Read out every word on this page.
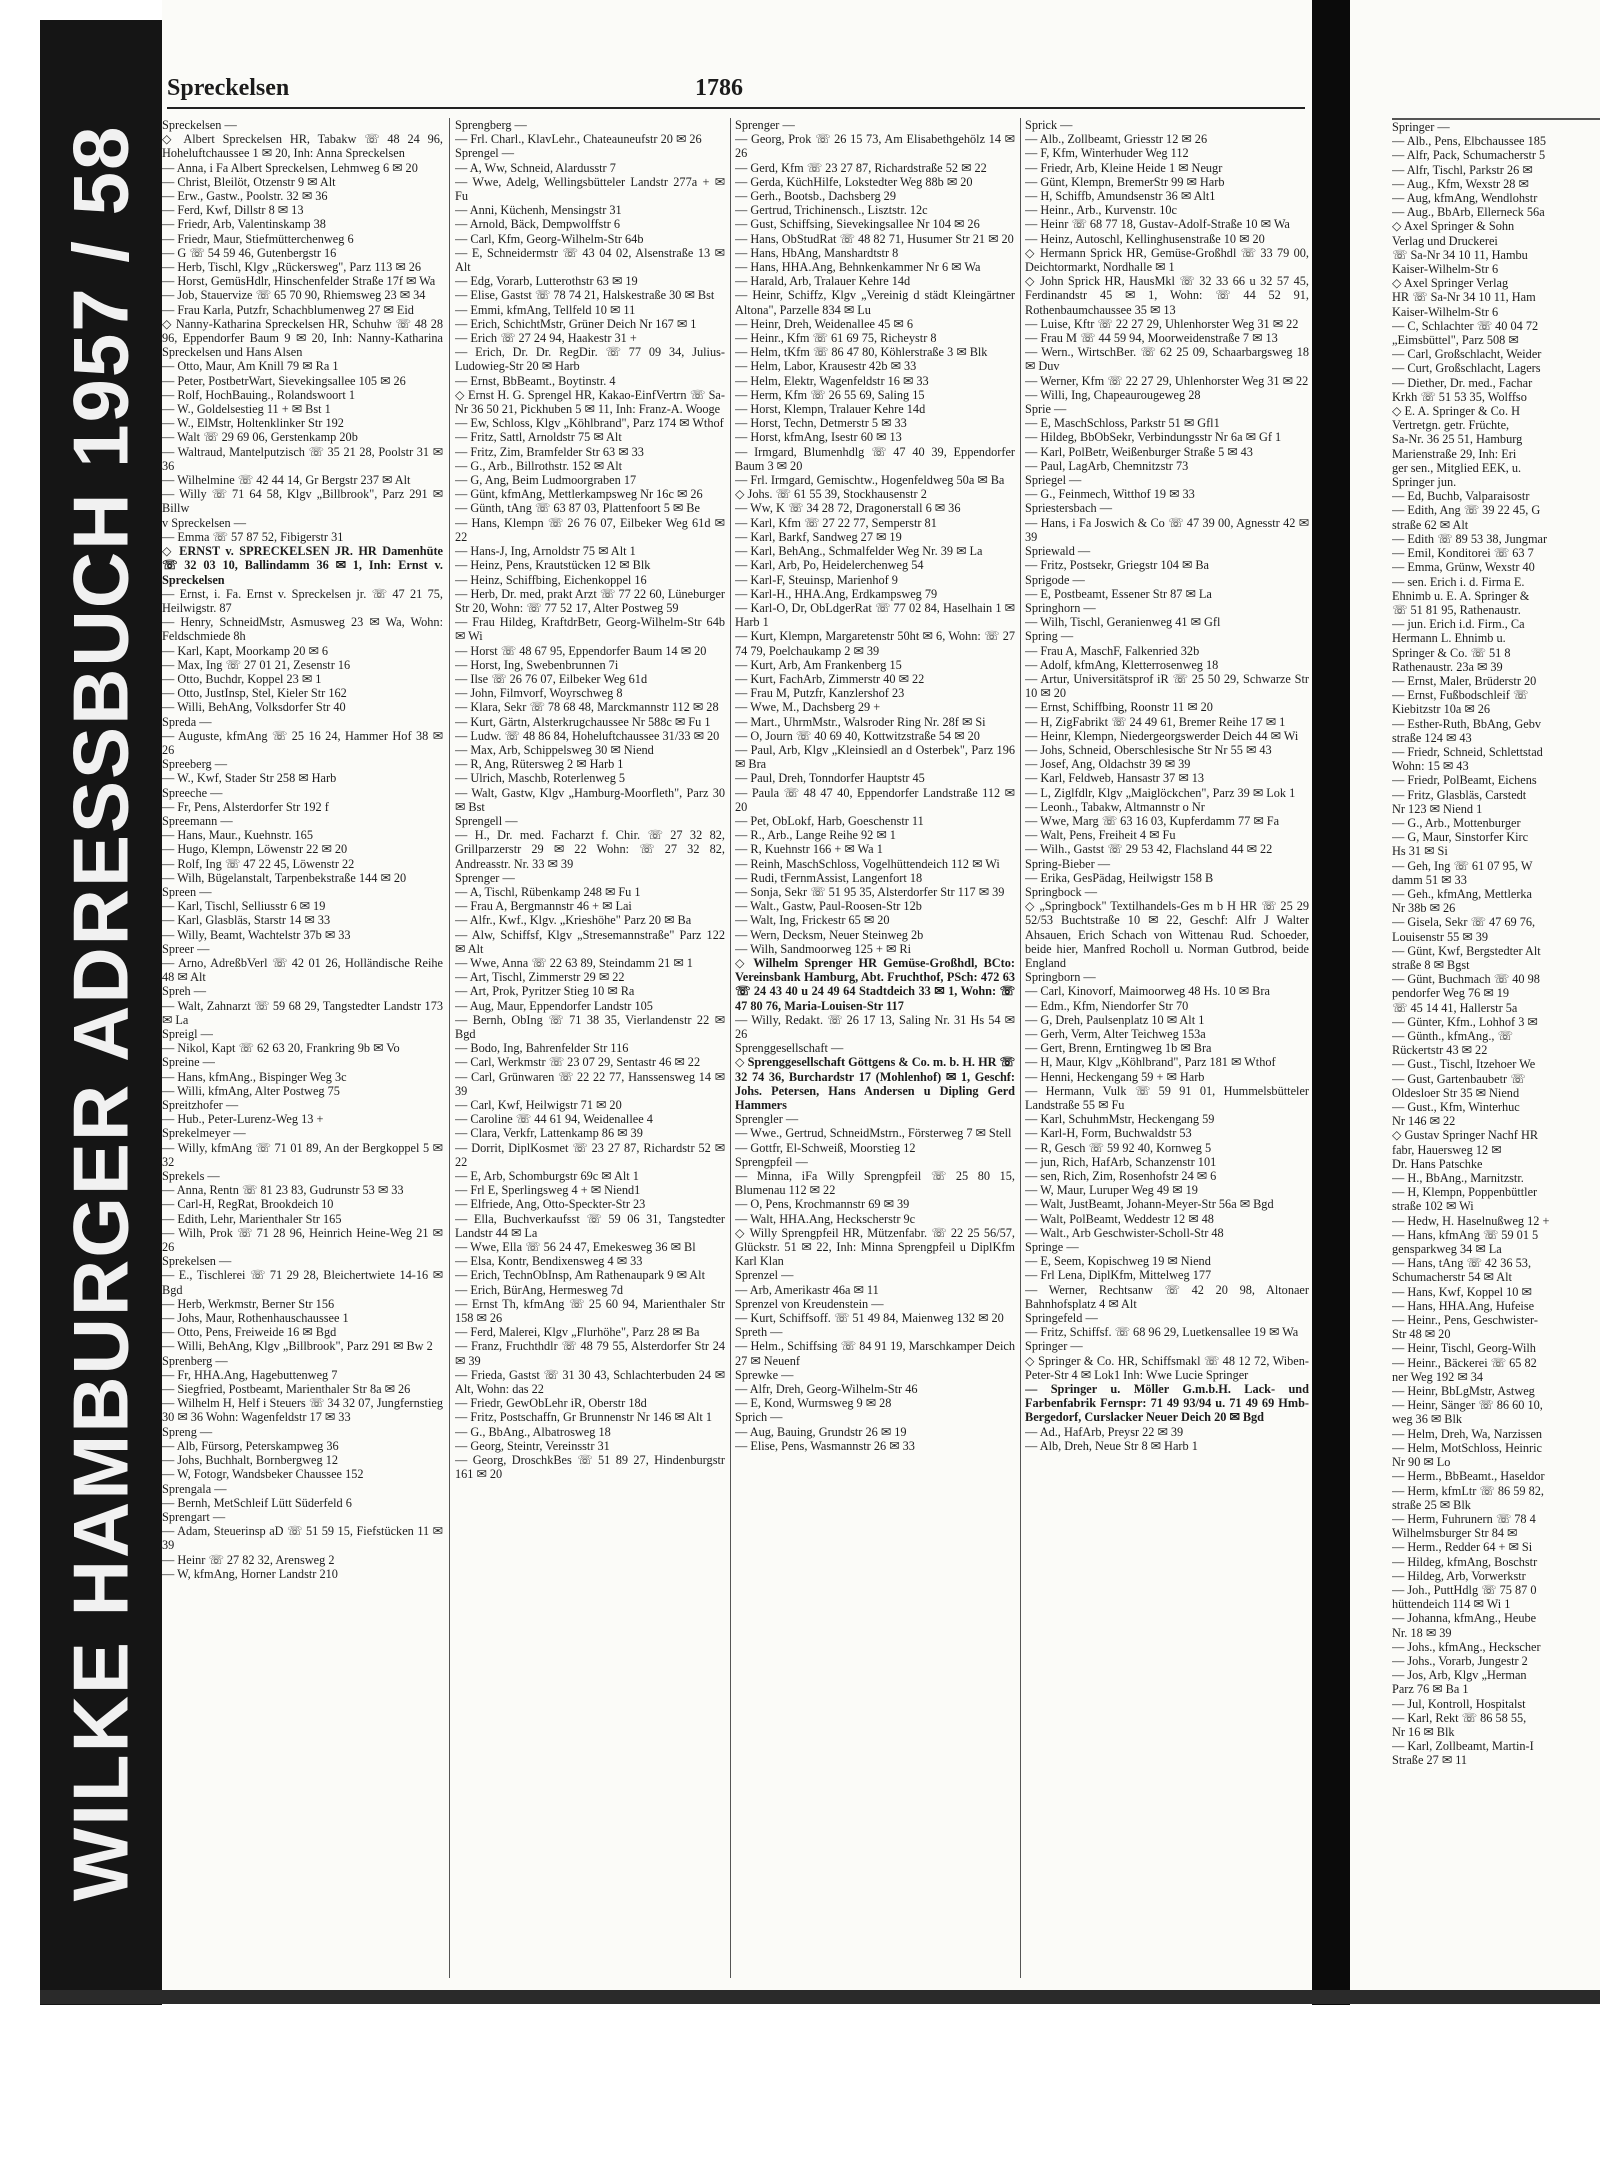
WILKE HAMBURGER ADRESSBUCH 1957 / 58
Spreckelsen	1786

Spreckelsen —

◇ Albert Spreckelsen HR, Tabakw ☏ 48 24 96, Hoheluftchaussee 1 ✉ 20, Inh: Anna Spreckelsen

— Anna, i Fa Albert Spreckelsen, Lehmweg 6 ✉ 20

— Christ, Bleilöt, Otzenstr 9 ✉ Alt

— Erw., Gastw., Poolstr. 32 ✉ 36

— Ferd, Kwf, Dillstr 8 ✉ 13

— Friedr, Arb, Valentinskamp 38

— Friedr, Maur, Stiefmütterchenweg 6

— G ☏ 54 59 46, Gutenbergstr 16

— Herb, Tischl, Klgv „Rückersweg", Parz 113 ✉ 26

— Horst, GemüsHdlr, Hinschenfelder Straße 17f ✉ Wa

— Job, Stauervize ☏ 65 70 90, Rhiemsweg 23 ✉ 34

— Frau Karla, Putzfr, Schachblumenweg 27 ✉ Eid

◇ Nanny-Katharina Spreckelsen HR, Schuhw ☏ 48 28 96, Eppendorfer Baum 9 ✉ 20, Inh: Nanny-Katharina Spreckelsen und Hans Alsen

— Otto, Maur, Am Knill 79 ✉ Ra 1

— Peter, PostbetrWart, Sievekingsallee 105 ✉ 26

— Rolf, HochBauing., Rolandswoort 1

— W., Goldelsestieg 11 + ✉ Bst 1

— W., ElMstr, Holtenklinker Str 192

— Walt ☏ 29 69 06, Gerstenkamp 20b

— Waltraud, Mantelputzisch ☏ 35 21 28, Poolstr 31 ✉ 36

— Wilhelmine ☏ 42 44 14, Gr Bergstr 237 ✉ Alt

— Willy ☏ 71 64 58, Klgv „Billbrook", Parz 291 ✉ Billw

v Spreckelsen —

— Emma ☏ 57 87 52, Fibigerstr 31

◇ ERNST v. SPRECKELSEN JR. HR Damenhüte ☏ 32 03 10, Ballindamm 36 ✉ 1, Inh: Ernst v. Spreckelsen

— Ernst, i. Fa. Ernst v. Spreckelsen jr. ☏ 47 21 75, Heilwigstr. 87

— Henry, SchneidMstr, Asmusweg 23 ✉ Wa, Wohn: Feldschmiede 8h

— Karl, Kapt, Moorkamp 20 ✉ 6

— Max, Ing ☏ 27 01 21, Zesenstr 16

— Otto, Buchdr, Koppel 23 ✉ 1

— Otto, JustInsp, Stel, Kieler Str 162

— Willi, BehAng, Volksdorfer Str 40

Spreda —

— Auguste, kfmAng ☏ 25 16 24, Hammer Hof 38 ✉ 26

Spreeberg —

— W., Kwf, Stader Str 258 ✉ Harb

Spreeche —

— Fr, Pens, Alsterdorfer Str 192 f

Spreemann —

— Hans, Maur., Kuehnstr. 165

— Hugo, Klempn, Löwenstr 22 ✉ 20

— Rolf, Ing ☏ 47 22 45, Löwenstr 22

— Wilh, Bügelanstalt, Tarpenbekstraße 144 ✉ 20

Spreen —

— Karl, Tischl, Selliusstr 6 ✉ 19

— Karl, Glasbläs, Starstr 14 ✉ 33

— Willy, Beamt, Wachtelstr 37b ✉ 33

Spreer —

— Arno, AdreßbVerl ☏ 42 01 26, Holländische Reihe 48 ✉ Alt

Spreh —

— Walt, Zahnarzt ☏ 59 68 29, Tangstedter Landstr 173 ✉ La

Spreigl —

— Nikol, Kapt ☏ 62 63 20, Frankring 9b ✉ Vo

Spreine —

— Hans, kfmAng., Bispinger Weg 3c

— Willi, kfmAng, Alter Postweg 75

Spreitzhofer —

— Hub., Peter-Lurenz-Weg 13 +

Sprekelmeyer —

— Willy, kfmAng ☏ 71 01 89, An der Bergkoppel 5 ✉ 32

Sprekels —

— Anna, Rentn ☏ 81 23 83, Gudrunstr 53 ✉ 33

— Carl-H, RegRat, Brookdeich 10

— Edith, Lehr, Marienthaler Str 165

— Wilh, Prok ☏ 71 28 96, Heinrich Heine-Weg 21 ✉ 26

Sprekelsen —

— E., Tischlerei ☏ 71 29 28, Bleichertwiete 14-16 ✉ Bgd

— Herb, Werkmstr, Berner Str 156

— Johs, Maur, Rothenhauschaussee 1

— Otto, Pens, Freiweide 16 ✉ Bgd

— Willi, BehAng, Klgv „Billbrook", Parz 291 ✉ Bw 2

Sprenberg —

— Fr, HHA.Ang, Hagebuttenweg 7

— Siegfried, Postbeamt, Marienthaler Str 8a ✉ 26

— Wilhelm H, Helf i Steuers ☏ 34 32 07, Jungfernstieg 30 ✉ 36 Wohn: Wagenfeldstr 17 ✉ 33

Spreng —

— Alb, Fürsorg, Peterskampweg 36

— Johs, Buchhalt, Bornbergweg 12

— W, Fotogr, Wandsbeker Chaussee 152

Sprengala —

— Bernh, MetSchleif Lütt Süderfeld 6

Sprengart —

— Adam, Steuerinsp aD ☏ 51 59 15, Fiefstücken 11 ✉ 39

— Heinr ☏ 27 82 32, Arensweg 2

— W, kfmAng, Horner Landstr 210

Sprengberg —

— Frl. Charl., KlavLehr., Chateauneufstr 20 ✉ 26

Sprengel —

— A, Ww, Schneid, Alardusstr 7

— Wwe, Adelg, Wellingsbütteler Landstr 277a + ✉ Fu

— Anni, Küchenh, Mensingstr 31

— Arnold, Bäck, Dempwolffstr 6

— Carl, Kfm, Georg-Wilhelm-Str 64b

— E, Schneidermstr ☏ 43 04 02, Alsenstraße 13 ✉ Alt

— Edg, Vorarb, Lutterothstr 63 ✉ 19

— Elise, Gastst ☏ 78 74 21, Halskestraße 30 ✉ Bst

— Emmi, kfmAng, Tellfeld 10 ✉ 11

— Erich, SchichtMstr, Grüner Deich Nr 167 ✉ 1

— Erich ☏ 27 24 94, Haakestr 31 +

— Erich, Dr. Dr. RegDir. ☏ 77 09 34, Julius-Ludowieg-Str 20 ✉ Harb

— Ernst, BbBeamt., Boytinstr. 4

◇ Ernst H. G. Sprengel HR, Kakao-EinfVertrn ☏ Sa-Nr 36 50 21, Pickhuben 5 ✉ 11, Inh: Franz-A. Wooge

— Ew, Schloss, Klgv „Köhlbrand", Parz 174 ✉ Wthof

— Fritz, Sattl, Arnoldstr 75 ✉ Alt

— Fritz, Zim, Bramfelder Str 63 ✉ 33

— G., Arb., Billrothstr. 152 ✉ Alt

— G, Ang, Beim Ludmoorgraben 17

— Günt, kfmAng, Mettlerkampsweg Nr 16c ✉ 26

— Günth, tAng ☏ 63 87 03, Plattenfoort 5 ✉ Be

— Hans, Klempn ☏ 26 76 07, Eilbeker Weg 61d ✉ 22

— Hans-J, Ing, Arnoldstr 75 ✉ Alt 1

— Heinz, Pens, Krautstücken 12 ✉ Blk

— Heinz, Schiffbing, Eichenkoppel 16

— Herb, Dr. med, prakt Arzt ☏ 77 22 60, Lüneburger Str 20, Wohn: ☏ 77 52 17, Alter Postweg 59

— Frau Hildeg, KraftdrBetr, Georg-Wilhelm-Str 64b ✉ Wi

— Horst ☏ 48 67 95, Eppendorfer Baum 14 ✉ 20

— Horst, Ing, Swebenbrunnen 7i

— Ilse ☏ 26 76 07, Eilbeker Weg 61d

— John, Filmvorf, Woyrschweg 8

— Klara, Sekr ☏ 78 68 48, Marckmannstr 112 ✉ 28

— Kurt, Gärtn, Alsterkrugchaussee Nr 588c ✉ Fu 1

— Ludw. ☏ 48 86 84, Hoheluftchaussee 31/33 ✉ 20

— Max, Arb, Schippelsweg 30 ✉ Niend

— R, Ang, Rütersweg 2 ✉ Harb 1

— Ulrich, Maschb, Roterlenweg 5

— Walt, Gastw, Klgv „Hamburg-Moorfleth", Parz 30 ✉ Bst

Sprengell —

— H., Dr. med. Facharzt f. Chir. ☏ 27 32 82, Grillparzerstr 29 ✉ 22 Wohn: ☏ 27 32 82, Andreasstr. Nr. 33 ✉ 39

Sprenger —

— A, Tischl, Rübenkamp 248 ✉ Fu 1

— Frau A, Bergmannstr 46 + ✉ Lai

— Alfr., Kwf., Klgv. „Krieshöhe" Parz 20 ✉ Ba

— Alw, Schiffsf, Klgv „Stresemannstraße" Parz 122 ✉ Alt

— Wwe, Anna ☏ 22 63 89, Steindamm 21 ✉ 1

— Art, Tischl, Zimmerstr 29 ✉ 22

— Art, Prok, Pyritzer Stieg 10 ✉ Ra

— Aug, Maur, Eppendorfer Landstr 105

— Bernh, ObIng ☏ 71 38 35, Vierlandenstr 22 ✉ Bgd

— Bodo, Ing, Bahrenfelder Str 116

— Carl, Werkmstr ☏ 23 07 29, Sentastr 46 ✉ 22

— Carl, Grünwaren ☏ 22 22 77, Hanssensweg 14 ✉ 39

— Carl, Kwf, Heilwigstr 71 ✉ 20

— Caroline ☏ 44 61 94, Weidenallee 4

— Clara, Verkfr, Lattenkamp 86 ✉ 39

— Dorrit, DiplKosmet ☏ 23 27 87, Richardstr 52 ✉ 22

— E, Arb, Schomburgstr 69c ✉ Alt 1

— Frl E, Sperlingsweg 4 + ✉ Niend1

— Elfriede, Ang, Otto-Speckter-Str 23

— Ella, Buchverkaufsst ☏ 59 06 31, Tangstedter Landstr 44 ✉ La

— Wwe, Ella ☏ 56 24 47, Emekesweg 36 ✉ Bl

— Elsa, Kontr, Bendixensweg 4 ✉ 33

— Erich, TechnObInsp, Am Rathenaupark 9 ✉ Alt

— Erich, BürAng, Hermesweg 7d

— Ernst Th, kfmAng ☏ 25 60 94, Marienthaler Str 158 ✉ 26

— Ferd, Malerei, Klgv „Flurhöhe", Parz 28 ✉ Ba

— Franz, Fruchthdlr ☏ 48 79 55, Alsterdorfer Str 24 ✉ 39

— Frieda, Gastst ☏ 31 30 43, Schlachterbuden 24 ✉ Alt, Wohn: das 22

— Friedr, GewObLehr iR, Oberstr 18d

— Fritz, Postschaffn, Gr Brunnenstr Nr 146 ✉ Alt 1

— G., BbAng., Albatrosweg 18

— Georg, Steintr, Vereinsstr 31

— Georg, DroschkBes ☏ 51 89 27, Hindenburgstr 161 ✉ 20

Sprenger —

— Georg, Prok ☏ 26 15 73, Am Elisabethgehölz 14 ✉ 26

— Gerd, Kfm ☏ 23 27 87, Richardstraße 52 ✉ 22

— Gerda, KüchHilfe, Lokstedter Weg 88b ✉ 20

— Gerh., Bootsb., Dachsberg 29

— Gertrud, Trichinensch., Lisztstr. 12c

— Gust, Schiffsing, Sievekingsallee Nr 104 ✉ 26

— Hans, ObStudRat ☏ 48 82 71, Husumer Str 21 ✉ 20

— Hans, HbAng, Manshardtstr 8

— Hans, HHA.Ang, Behnkenkammer Nr 6 ✉ Wa

— Harald, Arb, Tralauer Kehre 14d

— Heinr, Schiffz, Klgv „Vereinig d städt Kleingärtner Altona", Parzelle 834 ✉ Lu

— Heinr, Dreh, Weidenallee 45 ✉ 6

— Heinr., Kfm ☏ 61 69 75, Richeystr 8

— Helm, tKfm ☏ 86 47 80, Köhlerstraße 3 ✉ Blk

— Helm, Labor, Krausestr 42b ✉ 33

— Helm, Elektr, Wagenfeldstr 16 ✉ 33

— Herm, Kfm ☏ 26 55 69, Saling 15

— Horst, Klempn, Tralauer Kehre 14d

— Horst, Techn, Detmerstr 5 ✉ 33

— Horst, kfmAng, Isestr 60 ✉ 13

— Irmgard, Blumenhdlg ☏ 47 40 39, Eppendorfer Baum 3 ✉ 20

— Frl. Irmgard, Gemischtw., Hogenfeldweg 50a ✉ Ba

◇ Johs. ☏ 61 55 39, Stockhausenstr 2

— Ww, K ☏ 34 28 72, Dragonerstall 6 ✉ 36

— Karl, Kfm ☏ 27 22 77, Semperstr 81

— Karl, Barkf, Sandweg 27 ✉ 19

— Karl, BehAng., Schmalfelder Weg Nr. 39 ✉ La

— Karl, Arb, Po, Heidelerchenweg 54

— Karl-F, Steuinsp, Marienhof 9

— Karl-H., HHA.Ang, Erdkampsweg 79

— Karl-O, Dr, ObLdgerRat ☏ 77 02 84, Haselhain 1 ✉ Harb 1

— Kurt, Klempn, Margaretenstr 50ht ✉ 6, Wohn: ☏ 27 74 79, Poelchaukamp 2 ✉ 39

— Kurt, Arb, Am Frankenberg 15

— Kurt, FachArb, Zimmerstr 40 ✉ 22

— Frau M, Putzfr, Kanzlershof 23

— Wwe, M., Dachsberg 29 +

— Mart., UhrmMstr., Walsroder Ring Nr. 28f ✉ Si

— O, Journ ☏ 40 69 40, Kottwitzstraße 54 ✉ 20

— Paul, Arb, Klgv „Kleinsiedl an d Osterbek", Parz 196 ✉ Bra

— Paul, Dreh, Tonndorfer Hauptstr 45

— Paula ☏ 48 47 40, Eppendorfer Landstraße 112 ✉ 20

— Pet, ObLokf, Harb, Goeschenstr 11

— R., Arb., Lange Reihe 92 ✉ 1

— R, Kuehnstr 166 + ✉ Wa 1

— Reinh, MaschSchloss, Vogelhüttendeich 112 ✉ Wi

— Rudi, tFernmAssist, Langenfort 18

— Sonja, Sekr ☏ 51 95 35, Alsterdorfer Str 117 ✉ 39

— Walt., Gastw, Paul-Roosen-Str 12b

— Walt, Ing, Frickestr 65 ✉ 20

— Wern, Decksm, Neuer Steinweg 2b

— Wilh, Sandmoorweg 125 + ✉ Ri

◇ Wilhelm Sprenger HR Gemüse-Großhdl, BCto: Vereinsbank Hamburg, Abt. Fruchthof, PSch: 472 63 ☏ 24 43 40 u 24 49 64 Stadtdeich 33 ✉ 1, Wohn: ☏ 47 80 76, Maria-Louisen-Str 117

— Willy, Redakt. ☏ 26 17 13, Saling Nr. 31 Hs 54 ✉ 26

Sprenggesellschaft —

◇ Sprenggesellschaft Göttgens & Co. m. b. H. HR ☏ 32 74 36, Burchardstr 17 (Mohlenhof) ✉ 1, Geschf: Johs. Petersen, Hans Andersen u Dipling Gerd Hammers

Sprengler —

— Wwe., Gertrud, SchneidMstrn., Försterweg 7 ✉ Stell

— Gottfr, El-Schweiß, Moorstieg 12

Sprengpfeil —

— Minna, iFa Willy Sprengpfeil ☏ 25 80 15, Blumenau 112 ✉ 22

— O, Pens, Krochmannstr 69 ✉ 39

— Walt, HHA.Ang, Heckscherstr 9c

◇ Willy Sprengpfeil HR, Mützenfabr. ☏ 22 25 56/57, Glückstr. 51 ✉ 22, Inh: Minna Sprengpfeil u DiplKfm Karl Klan

Sprenzel —

— Arb, Amerikastr 46a ✉ 11

Sprenzel von Kreudenstein —

— Kurt, Schiffsoff. ☏ 51 49 84, Maienweg 132 ✉ 20

Spreth —

— Helm., Schiffsing ☏ 84 91 19, Marschkamper Deich 27 ✉ Neuenf

Sprewke —

— Alfr, Dreh, Georg-Wilhelm-Str 46

— E, Kond, Wurmsweg 9 ✉ 28

Sprich —

— Aug, Bauing, Grundstr 26 ✉ 19

— Elise, Pens, Wasmannstr 26 ✉ 33

Sprick —

— Alb., Zollbeamt, Griesstr 12 ✉ 26

— F, Kfm, Winterhuder Weg 112

— Friedr, Arb, Kleine Heide 1 ✉ Neugr

— Günt, Klempn, BremerStr 99 ✉ Harb

— H, Schiffb, Amundsenstr 36 ✉ Alt1

— Heinr., Arb., Kurvenstr. 10c

— Heinr ☏ 68 77 18, Gustav-Adolf-Straße 10 ✉ Wa

— Heinz, Autoschl, Kellinghusenstraße 10 ✉ 20

◇ Hermann Sprick HR, Gemüse-Großhdl ☏ 33 79 00, Deichtormarkt, Nordhalle ✉ 1

◇ John Sprick HR, HausMkl ☏ 32 33 66 u 32 57 45, Ferdinandstr 45 ✉ 1, Wohn: ☏ 44 52 91, Rothenbaumchaussee 35 ✉ 13

— Luise, Kftr ☏ 22 27 29, Uhlenhorster Weg 31 ✉ 22

— Frau M ☏ 44 59 94, Moorweidenstraße 7 ✉ 13

— Wern., WirtschBer. ☏ 62 25 09, Schaarbargsweg 18 ✉ Duv

— Werner, Kfm ☏ 22 27 29, Uhlenhorster Weg 31 ✉ 22

— Willi, Ing, Chapeaurougeweg 28

Sprie —

— E, MaschSchloss, Parkstr 51 ✉ Gfl1

— Hildeg, BbObSekr, Verbindungsstr Nr 6a ✉ Gf 1

— Karl, PolBetr, Weißenburger Straße 5 ✉ 43

— Paul, LagArb, Chemnitzstr 73

Spriegel —

— G., Feinmech, Witthof 19 ✉ 33

Spriestersbach —

— Hans, i Fa Joswich & Co ☏ 47 39 00, Agnesstr 42 ✉ 39

Spriewald —

— Fritz, Postsekr, Griegstr 104 ✉ Ba

Sprigode —

— E, Postbeamt, Essener Str 87 ✉ La

Springhorn —

— Wilh, Tischl, Geranienweg 41 ✉ Gfl

Spring —

— Frau A, MaschF, Falkenried 32b

— Adolf, kfmAng, Kletterrosenweg 18

— Artur, Universitätsprof iR ☏ 25 50 29, Schwarze Str 10 ✉ 20

— Ernst, Schiffbing, Roonstr 11 ✉ 20

— H, ZigFabrikt ☏ 24 49 61, Bremer Reihe 17 ✉ 1

— Heinr, Klempn, Niedergeorgswerder Deich 44 ✉ Wi

— Johs, Schneid, Oberschlesische Str Nr 55 ✉ 43

— Josef, Ang, Oldachstr 39 ✉ 39

— Karl, Feldweb, Hansastr 37 ✉ 13

— L, Ziglfdlr, Klgv „Maiglöckchen", Parz 39 ✉ Lok 1

— Leonh., Tabakw, Altmannstr o Nr

— Wwe, Marg ☏ 63 16 03, Kupferdamm 77 ✉ Fa

— Walt, Pens, Freiheit 4 ✉ Fu

— Wilh., Gastst ☏ 29 53 42, Flachsland 44 ✉ 22

Spring-Bieber —

— Erika, GesPädag, Heilwigstr 158 B

Springbock —

◇ „Springbock" Textilhandels-Ges m b H HR ☏ 25 29 52/53 Buchtstraße 10 ✉ 22, Geschf: Alfr J Walter Ahsauen, Erich Schach von Wittenau Rud. Schoeder, beide hier, Manfred Rocholl u. Norman Gutbrod, beide England

Springborn —

— Carl, Kinovorf, Maimoorweg 48 Hs. 10 ✉ Bra

— Edm., Kfm, Niendorfer Str 70

— G, Dreh, Paulsenplatz 10 ✉ Alt 1

— Gerh, Verm, Alter Teichweg 153a

— Gert, Brenn, Erntingweg 1b ✉ Bra

— H, Maur, Klgv „Köhlbrand", Parz 181 ✉ Wthof

— Henni, Heckengang 59 + ✉ Harb

— Hermann, Vulk ☏ 59 91 01, Hummelsbütteler Landstraße 55 ✉ Fu

— Karl, SchuhmMstr, Heckengang 59

— Karl-H, Form, Buchwaldstr 53

— R, Gesch ☏ 59 92 40, Kornweg 5

— jun, Rich, HafArb, Schanzenstr 101

— sen, Rich, Zim, Rosenhofstr 24 ✉ 6

— W, Maur, Luruper Weg 49 ✉ 19

— Walt, JustBeamt, Johann-Meyer-Str 56a ✉ Bgd

— Walt, PolBeamt, Weddestr 12 ✉ 48

— Walt., Arb Geschwister-Scholl-Str 48

Springe —

— E, Seem, Kopischweg 19 ✉ Niend

— Frl Lena, DiplKfm, Mittelweg 177

— Werner, Rechtsanw ☏ 42 20 98, Altonaer Bahnhofsplatz 4 ✉ Alt

Springefeld —

— Fritz, Schiffsf. ☏ 68 96 29, Luetkensallee 19 ✉ Wa

Springer —

◇ Springer & Co. HR, Schiffsmakl ☏ 48 12 72, Wiben-Peter-Str 4 ✉ Lok1 Inh: Wwe Lucie Springer

— Springer u. Möller G.m.b.H. Lack- und Farbenfabrik Fernspr: 71 49 93/94 u. 71 49 69 Hmb-Bergedorf, Curslacker Neuer Deich 20 ✉ Bgd

— Ad., HafArb, Preysr 22 ✉ 39

— Alb, Dreh, Neue Str 8 ✉ Harb 1

Springer —
— Alb., Pens, Elbchaussee 185
— Alfr, Pack, Schumacherstr 5
— Alfr, Tischl, Parkstr 26 ✉
— Aug., Kfm, Wexstr 28 ✉
— Aug, kfmAng, Wendlohstr
— Aug., BbArb, Ellerneck 56a
◇ Axel Springer & Sohn
Verlag und Druckerei
☏ Sa-Nr 34 10 11, Hambu
Kaiser-Wilhelm-Str 6
◇ Axel Springer Verlag
HR ☏ Sa-Nr 34 10 11, Ham
Kaiser-Wilhelm-Str 6
— C, Schlachter ☏ 40 04 72
„Eimsbüttel", Parz 508 ✉
— Carl, Großschlacht, Weider
— Curt, Großschlacht, Lagers
— Diether, Dr. med., Fachar
Krkh ☏ 51 53 35, Wolffso
◇ E. A. Springer & Co. H
Vertretgn. getr. Früchte,
Sa-Nr. 36 25 51, Hamburg
Marienstraße 29, Inh: Eri
ger sen., Mitglied EEK, u.
Springer jun.
— Ed, Buchb, Valparaisostr
— Edith, Ang ☏ 39 22 45, G
straße 62 ✉ Alt
— Edith ☏ 89 53 38, Jungmar
— Emil, Konditorei ☏ 63 7
— Emma, Grünw, Wexstr 40
— sen. Erich i. d. Firma E.
Ehnimb u. E. A. Springer &
☏ 51 81 95, Rathenaustr.
— jun. Erich i.d. Firm., Ca
Hermann L. Ehnimb u.
Springer & Co. ☏ 51 8
Rathenaustr. 23a ✉ 39
— Ernst, Maler, Brüderstr 20
— Ernst, Fußbodschleif ☏
Kiebitzstr 10a ✉ 26
— Esther-Ruth, BbAng, Gebv
straße 124 ✉ 43
— Friedr, Schneid, Schlettstad
Wohn: 15 ✉ 43
— Friedr, PolBeamt, Eichens
— Fritz, Glasbläs, Carstedt
Nr 123 ✉ Niend 1
— G., Arb., Mottenburger
— G, Maur, Sinstorfer Kirc
Hs 31 ✉ Si
— Geh, Ing ☏ 61 07 95, W
damm 51 ✉ 33
— Geh., kfmAng, Mettlerka
Nr 38b ✉ 26
— Gisela, Sekr ☏ 47 69 76,
Louisenstr 55 ✉ 39
— Günt, Kwf, Bergstedter Alt
straße 8 ✉ Bgst
— Günt, Buchmach ☏ 40 98
pendorfer Weg 76 ✉ 19
☏ 45 14 41, Hallerstr 5a
— Günter, Kfm., Lohhof 3 ✉
— Günth., kfmAng., ☏
Rückertstr 43 ✉ 22
— Gust., Tischl, Itzehoer We
— Gust, Gartenbaubetr ☏
Oldesloer Str 35 ✉ Niend
— Gust., Kfm, Winterhuc
Nr 146 ✉ 22
◇ Gustav Springer Nachf HR
fabr, Hauersweg 12 ✉
Dr. Hans Patschke
— H., BbAng., Marnitzstr.
— H, Klempn, Poppenbüttler
straße 102 ✉ Wi
— Hedw, H. Haselnußweg 12 +
— Hans, kfmAng ☏ 59 01 5
gensparkweg 34 ✉ La
— Hans, tAng ☏ 42 36 53,
Schumacherstr 54 ✉ Alt
— Hans, Kwf, Koppel 10 ✉
— Hans, HHA.Ang, Hufeise
— Heinr., Pens, Geschwister-
Str 48 ✉ 20
— Heinr, Tischl, Georg-Wilh
— Heinr., Bäckerei ☏ 65 82
ner Weg 192 ✉ 34
— Heinr, BbLgMstr, Astweg
— Heinr, Sänger ☏ 86 60 10,
weg 36 ✉ Blk
— Helm, Dreh, Wa, Narzissen
— Helm, MotSchloss, Heinric
Nr 90 ✉ Lo
— Herm., BbBeamt., Haseldor
— Herm, kfmLtr ☏ 86 59 82,
straße 25 ✉ Blk
— Herm, Fuhrunern ☏ 78 4
Wilhelmsburger Str 84 ✉
— Herm., Redder 64 + ✉ Si
— Hildeg, kfmAng, Boschstr
— Hildeg, Arb, Vorwerkstr
— Joh., PuttHdlg ☏ 75 87 0
hüttendeich 114 ✉ Wi 1
— Johanna, kfmAng., Heube
Nr. 18 ✉ 39
— Johs., kfmAng., Heckscher
— Johs., Vorarb, Jungestr 2
— Jos, Arb, Klgv „Herman
Parz 76 ✉ Ba 1
— Jul, Kontroll, Hospitalst
— Karl, Rekt ☏ 86 58 55,
Nr 16 ✉ Blk
— Karl, Zollbeamt, Martin-I
Straße 27 ✉ 11
